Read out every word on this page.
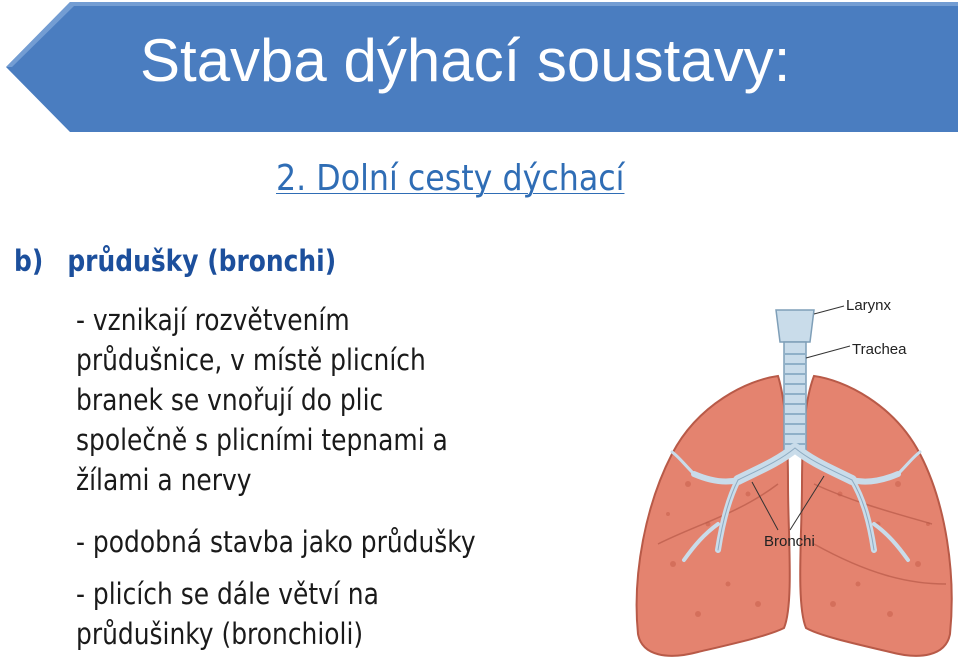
Stavba dýhací soustavy:
2. Dolní cesty dýchací
b) průdušky (bronchi)
- vznikají rozvětvením
průdušnice, v místě plicních
branek se vnořují do plic
společně s plicními tepnami a
žílami a nervy
- podobná stavba jako průdušky
- plicích se dále větví na
průdušinky (bronchioli)
Larynx
Trachea
Bronchi
